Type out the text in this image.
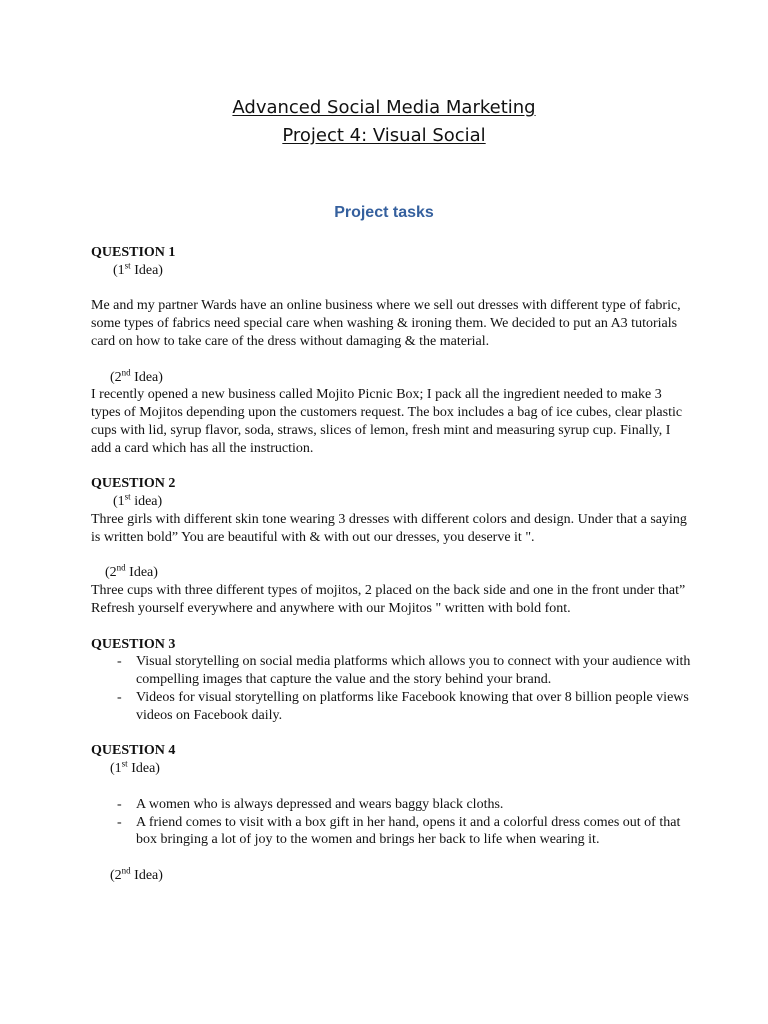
Advanced Social Media Marketing
Project 4: Visual Social
Project tasks

QUESTION 1

(1st Idea)

Me and my partner Wards have an online business where we sell out dresses with different type of fabric, some types of fabrics need special care when washing & ironing them. We decided to put an A3 tutorials card on how to take care of the dress without damaging & the material.

(2nd Idea)

I recently opened a new business called Mojito Picnic Box; I pack all the ingredient needed to make 3 types of Mojitos depending upon the customers request. The box includes a bag of ice cubes, clear plastic cups with lid, syrup flavor, soda, straws, slices of lemon, fresh mint and measuring syrup cup. Finally, I add a card which has all the instruction.

QUESTION 2

(1st idea)

Three girls with different skin tone wearing 3 dresses with different colors and design. Under that a saying is written bold” You are beautiful with & with out our dresses, you deserve it ".

(2nd Idea)

Three cups with three different types of mojitos, 2 placed on the back side and one in the front under that” Refresh yourself everywhere and anywhere with our Mojitos " written with bold font.

QUESTION 3

- Visual storytelling on social media platforms which allows you to connect with your audience with compelling images that capture the value and the story behind your brand.
- Videos for visual storytelling on platforms like Facebook knowing that over 8 billion people views videos on Facebook daily.

QUESTION 4

(1st Idea)

- A women who is always depressed and wears baggy black cloths.
- A friend comes to visit with a box gift in her hand, opens it and a colorful dress comes out of that box bringing a lot of joy to the women and brings her back to life when wearing it.

(2nd Idea)
